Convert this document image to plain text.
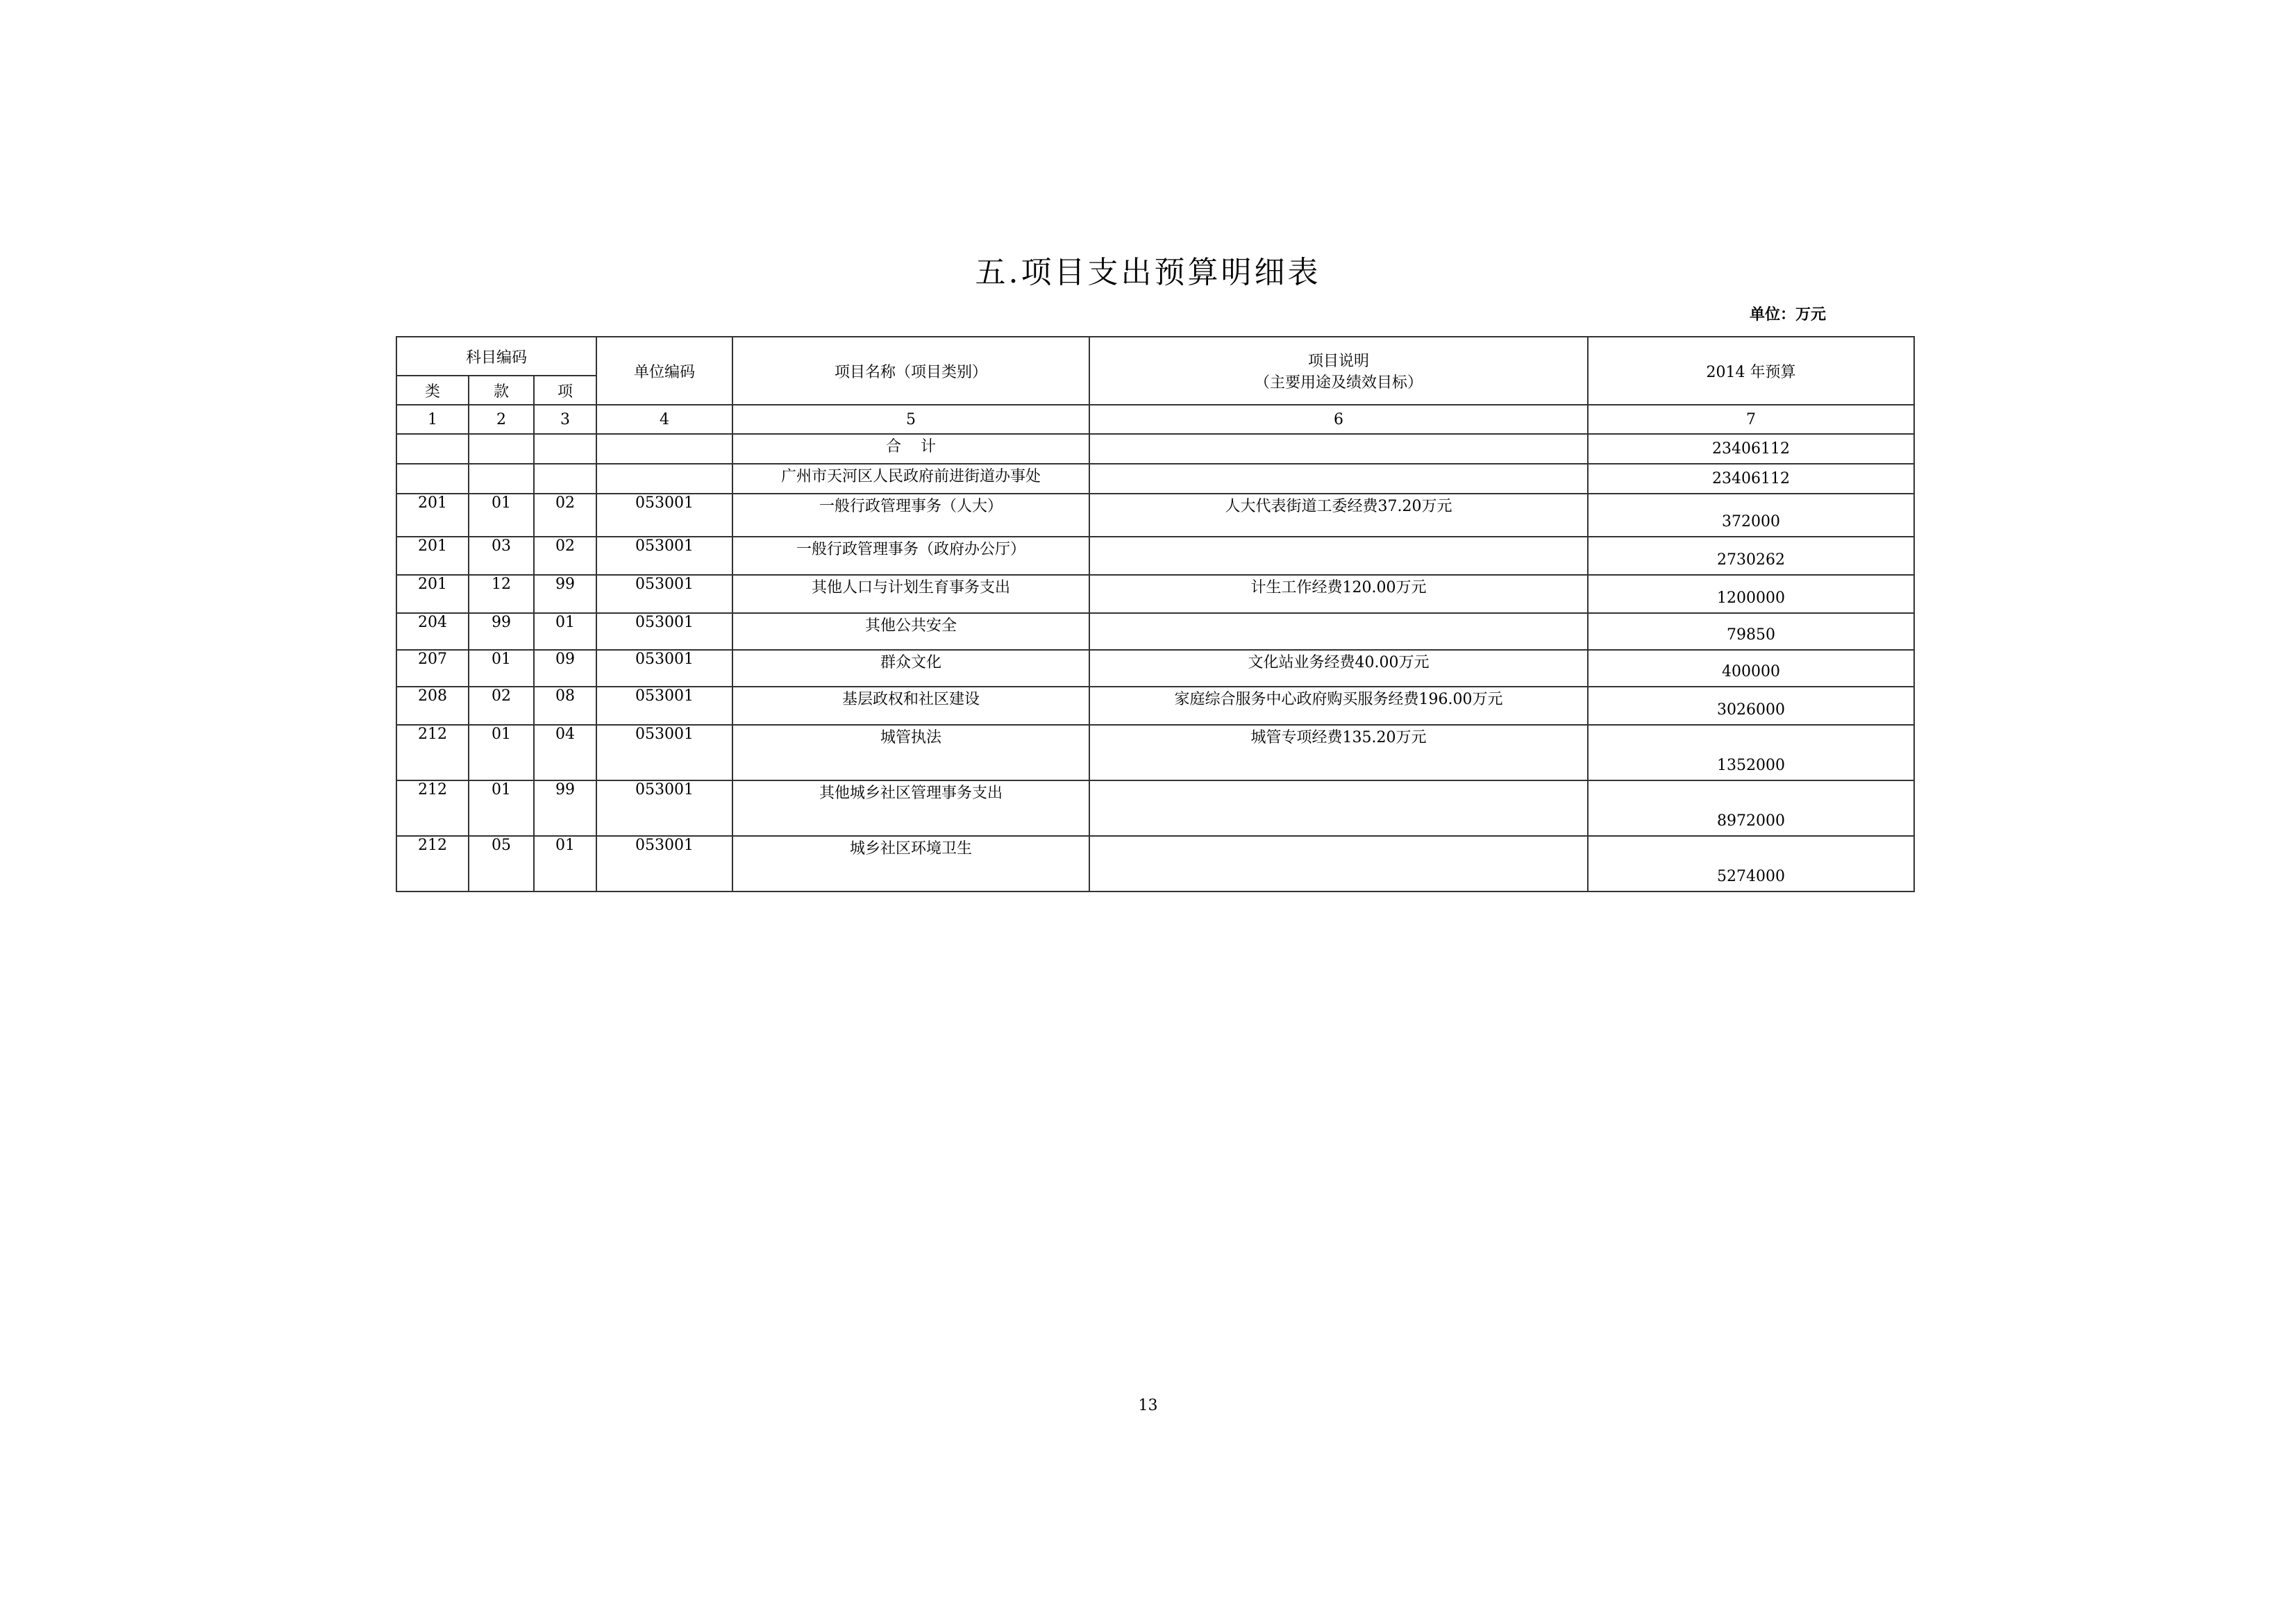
五.项目支出预算明细表
单位：万元
科目编码			单位编码	项目名称（项目类别）	项目说明
（主要用途及绩效目标）	2014 年预算
类	款	项				
1	2	3	4	5	6	7
				合    计		23406112
				广州市天河区人民政府前进街道办事处		23406112
201	01	02	053001	一般行政管理事务（人大）	人大代表街道工委经费37.20万元	372000
201	03	02	053001	一般行政管理事务（政府办公厅）		2730262
201	12	99	053001	其他人口与计划生育事务支出	计生工作经费120.00万元	1200000
204	99	01	053001	其他公共安全		79850
207	01	09	053001	群众文化	文化站业务经费40.00万元	400000
208	02	08	053001	基层政权和社区建设	家庭综合服务中心政府购买服务经费196.00万元	3026000
212	01	04	053001	城管执法	城管专项经费135.20万元	1352000
212	01	99	053001	其他城乡社区管理事务支出		8972000
212	05	01	053001	城乡社区环境卫生		5274000
13
